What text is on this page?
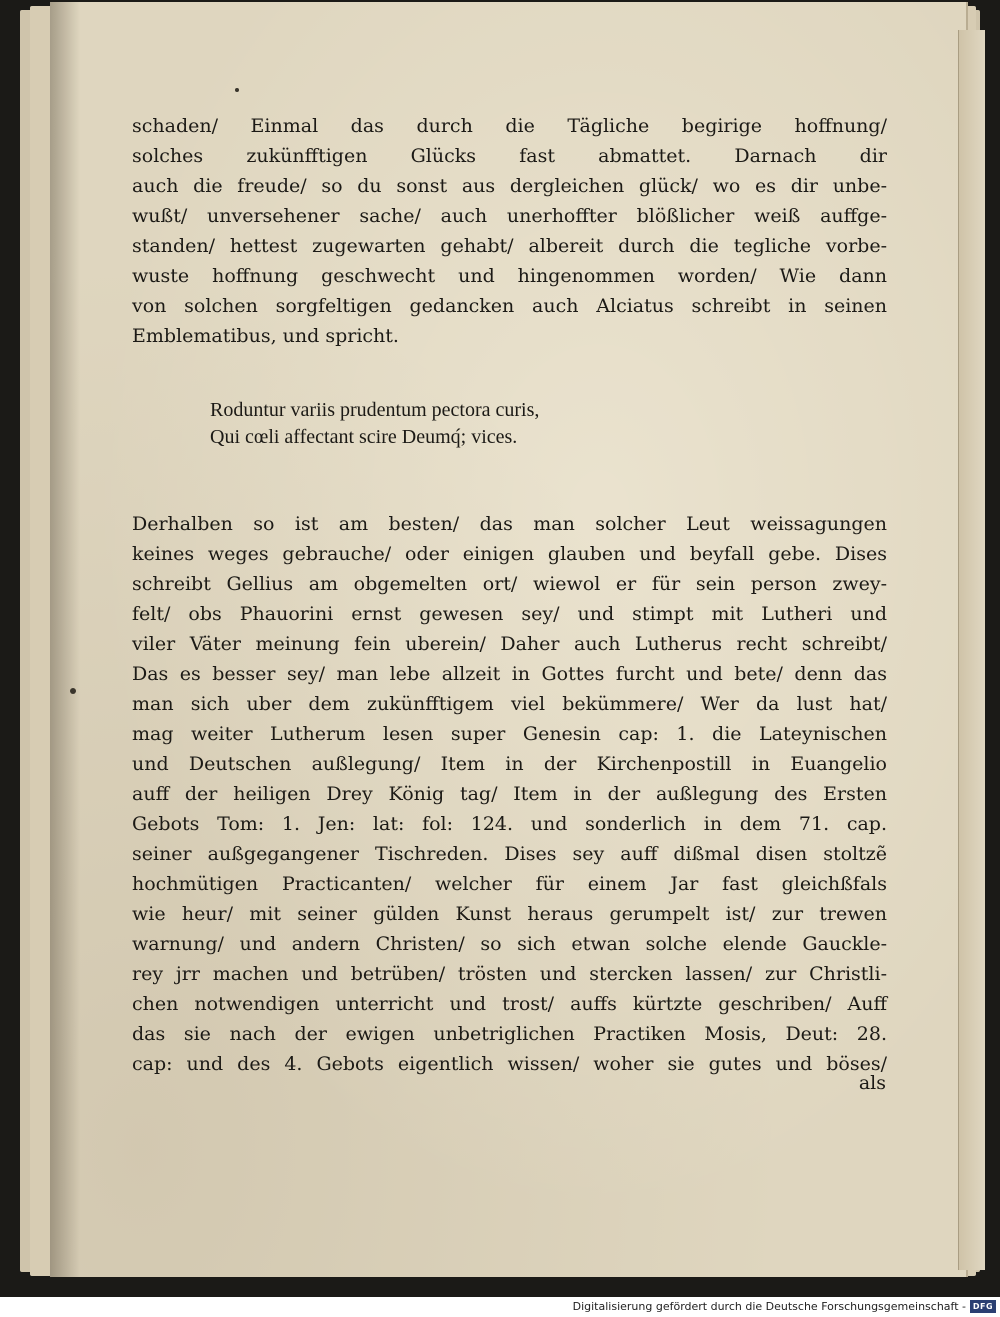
schaden/ Einmal das durch die Tägliche begirige hoffnung/
solches zukünfftigen Glücks fast abmattet. Darnach dir
auch die freude/ so du sonst aus dergleichen glück/ wo es dir unbe-
wußt/ unversehener sache/ auch unerhoffter blößlicher weiß auffge-
standen/ hettest zugewarten gehabt/ albereit durch die tegliche vorbe-
wuste hoffnung geschwecht und hingenommen worden/ Wie dann
von solchen sorgfeltigen gedancken auch Alciatus schreibt in seinen
Emblematibus, und spricht.
Roduntur variis prudentum pectora curis,
Qui cœli affectant scire Deumq́; vices.
Derhalben so ist am besten/ das man solcher Leut weissagungen
keines weges gebrauche/ oder einigen glauben und beyfall gebe. Dises
schreibt Gellius am obgemelten ort/ wiewol er für sein person zwey-
felt/ obs Phauorini ernst gewesen sey/ und stimpt mit Lutheri und
viler Väter meinung fein uberein/ Daher auch Lutherus recht schreibt/
Das es besser sey/ man lebe allzeit in Gottes furcht und bete/ denn das
man sich uber dem zukünfftigem viel bekümmere/ Wer da lust hat/
mag weiter Lutherum lesen super Genesin cap: 1. die Lateynischen
und Deutschen außlegung/ Item in der Kirchenpostill in Euangelio
auff der heiligen Drey König tag/ Item in der außlegung des Ersten
Gebots Tom: 1. Jen: lat: fol: 124. und sonderlich in dem 71. cap.
seiner außgegangener Tischreden. Dises sey auff dißmal disen stoltzẽ
hochmütigen Practicanten/ welcher für einem Jar fast gleichßfals
wie heur/ mit seiner gülden Kunst heraus gerumpelt ist/ zur trewen
warnung/ und andern Christen/ so sich etwan solche elende Gauckle-
rey jrr machen und betrüben/ trösten und stercken lassen/ zur Christli-
chen notwendigen unterricht und trost/ auffs kürtzte geschriben/ Auff
das sie nach der ewigen unbetriglichen Practiken Mosis, Deut: 28.
cap: und des 4. Gebots eigentlich wissen/ woher sie gutes und böses/
als
Digitalisierung gefördert durch die Deutsche Forschungsgemeinschaft - DFG
